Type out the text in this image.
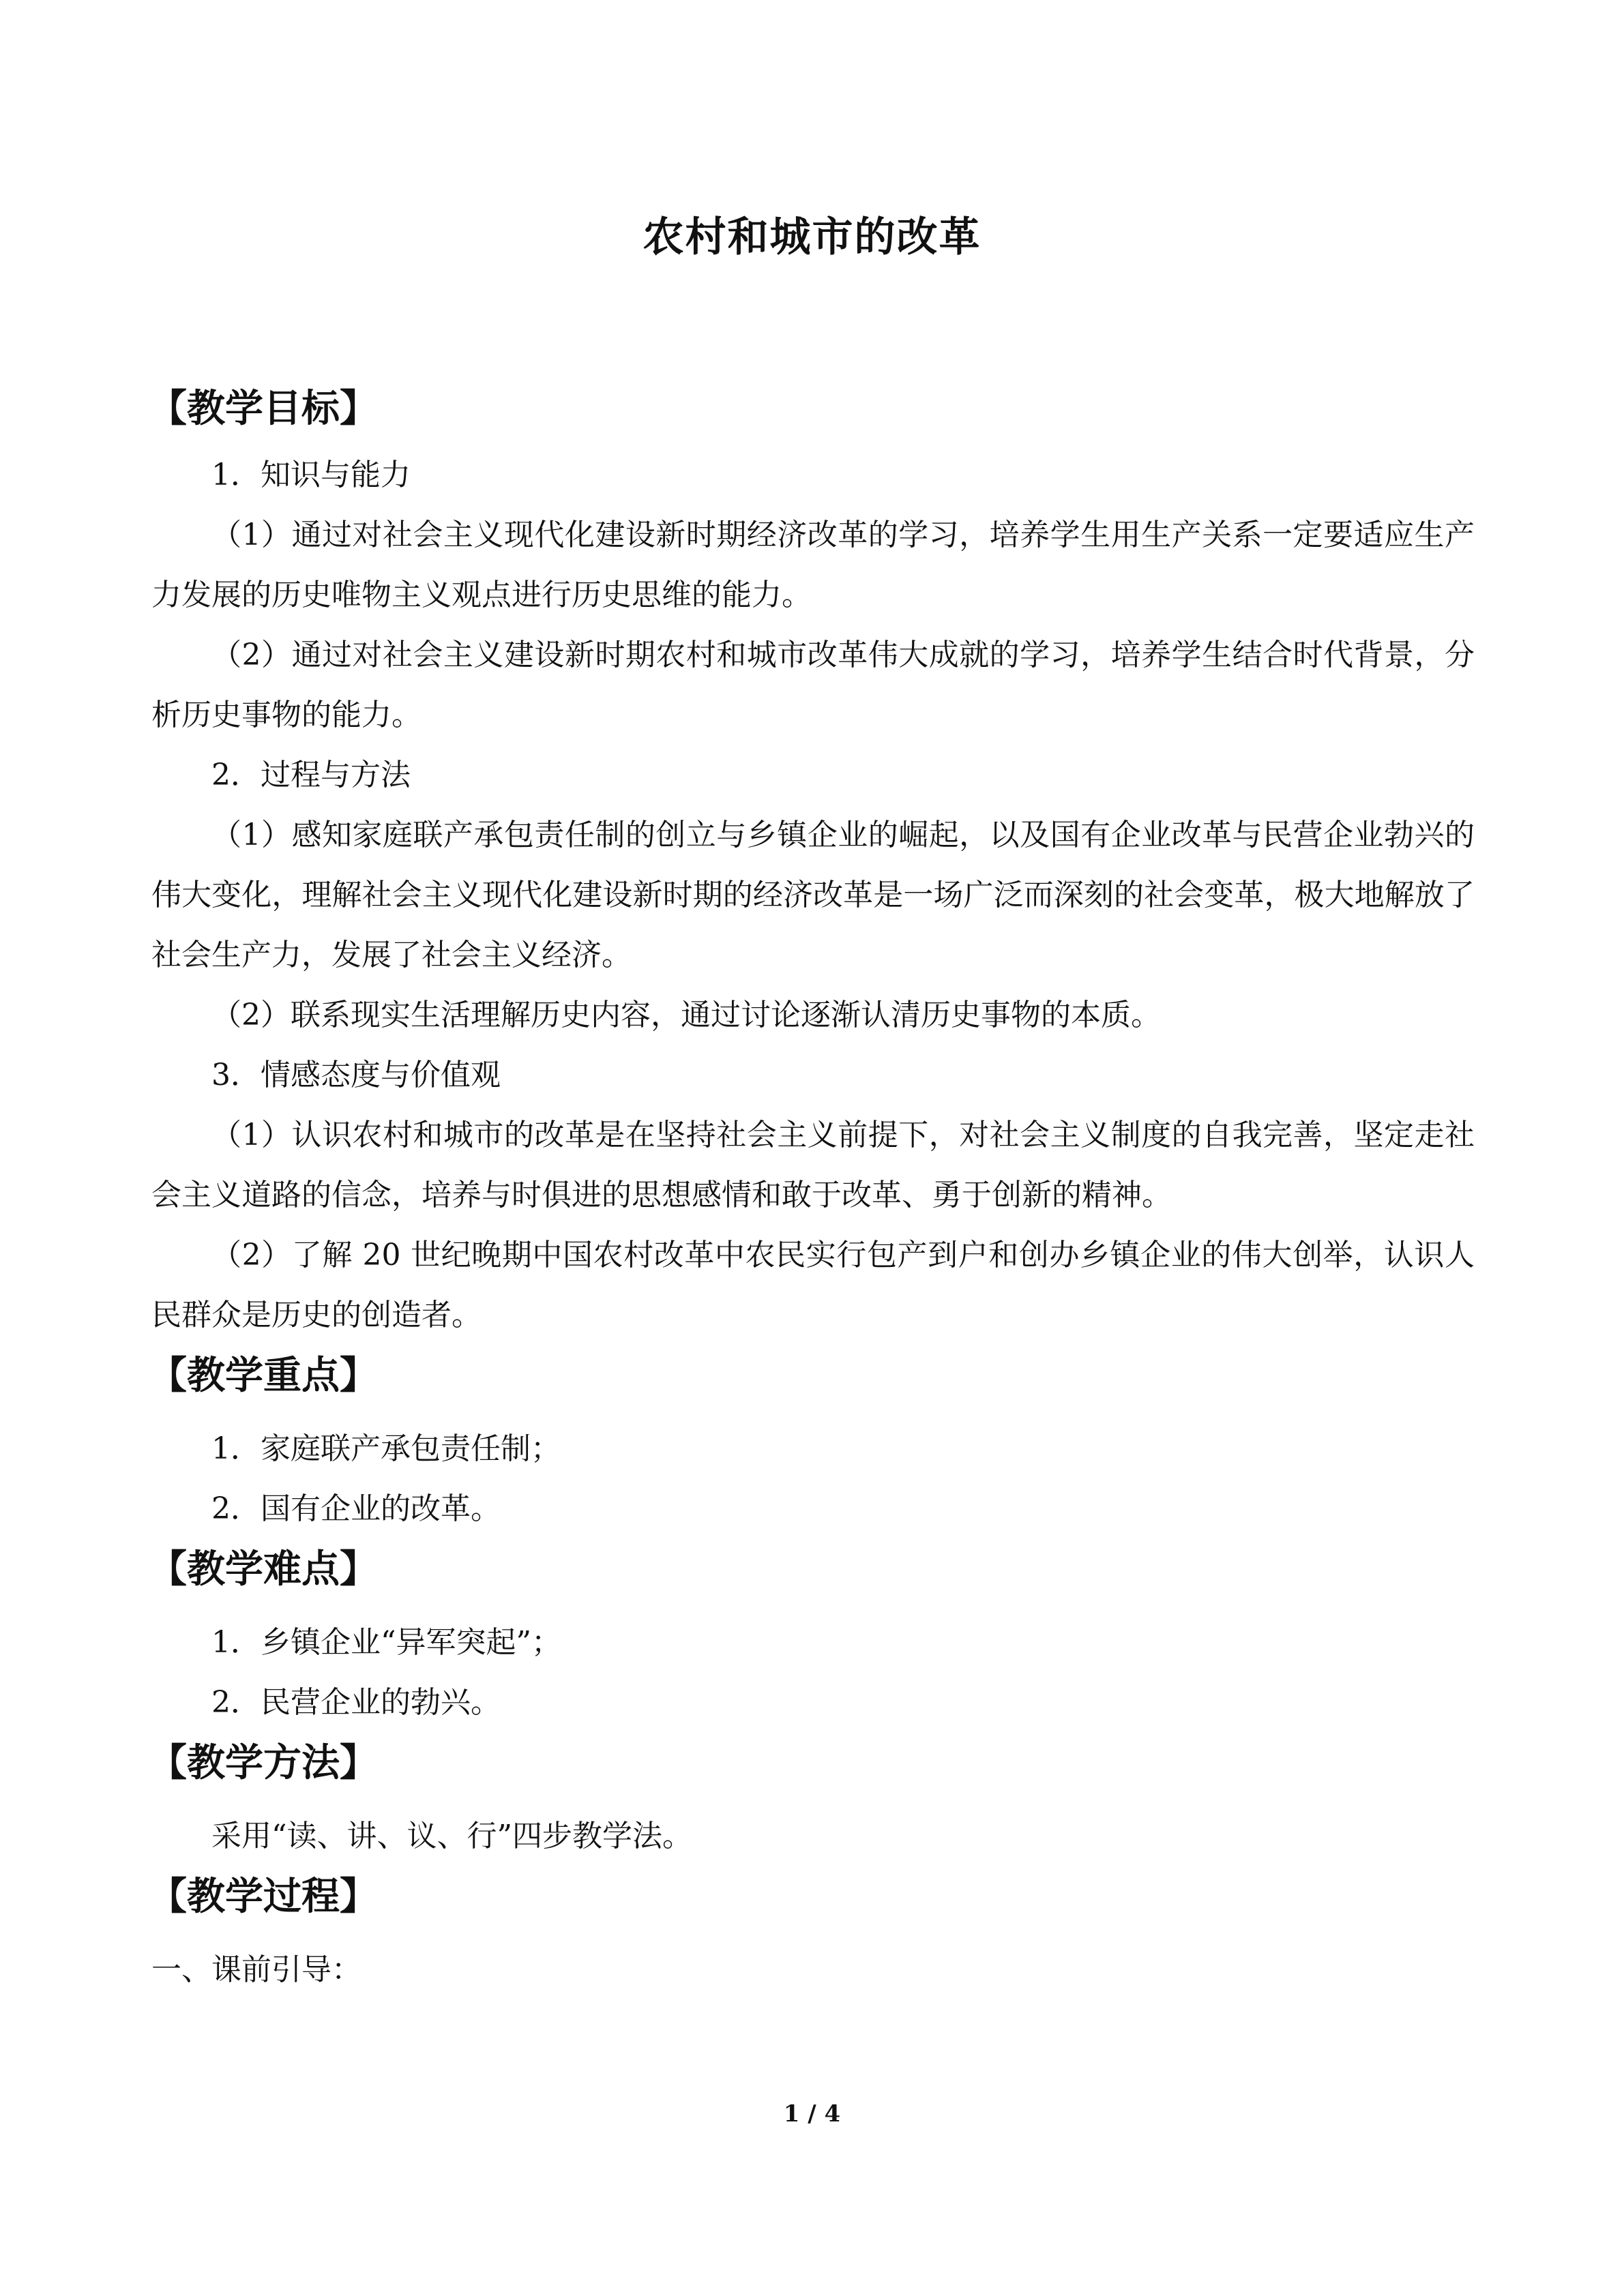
农村和城市的改革
【教学目标】

1．知识与能力

（1）通过对社会主义现代化建设新时期经济改革的学习，培养学生用生产关系一定要适应生产力发展的历史唯物主义观点进行历史思维的能力。

（2）通过对社会主义建设新时期农村和城市改革伟大成就的学习，培养学生结合时代背景，分析历史事物的能力。

2．过程与方法

（1）感知家庭联产承包责任制的创立与乡镇企业的崛起，以及国有企业改革与民营企业勃兴的伟大变化，理解社会主义现代化建设新时期的经济改革是一场广泛而深刻的社会变革，极大地解放了社会生产力，发展了社会主义经济。

（2）联系现实生活理解历史内容，通过讨论逐渐认清历史事物的本质。

3．情感态度与价值观

（1）认识农村和城市的改革是在坚持社会主义前提下，对社会主义制度的自我完善，坚定走社会主义道路的信念，培养与时俱进的思想感情和敢于改革、勇于创新的精神。

（2）了解 20 世纪晚期中国农村改革中农民实行包产到户和创办乡镇企业的伟大创举，认识人民群众是历史的创造者。

【教学重点】

1．家庭联产承包责任制；

2．国有企业的改革。

【教学难点】

1．乡镇企业“异军突起”；

2．民营企业的勃兴。

【教学方法】

采用“读、讲、议、行”四步教学法。

【教学过程】

一、课前引导：

1 / 4
